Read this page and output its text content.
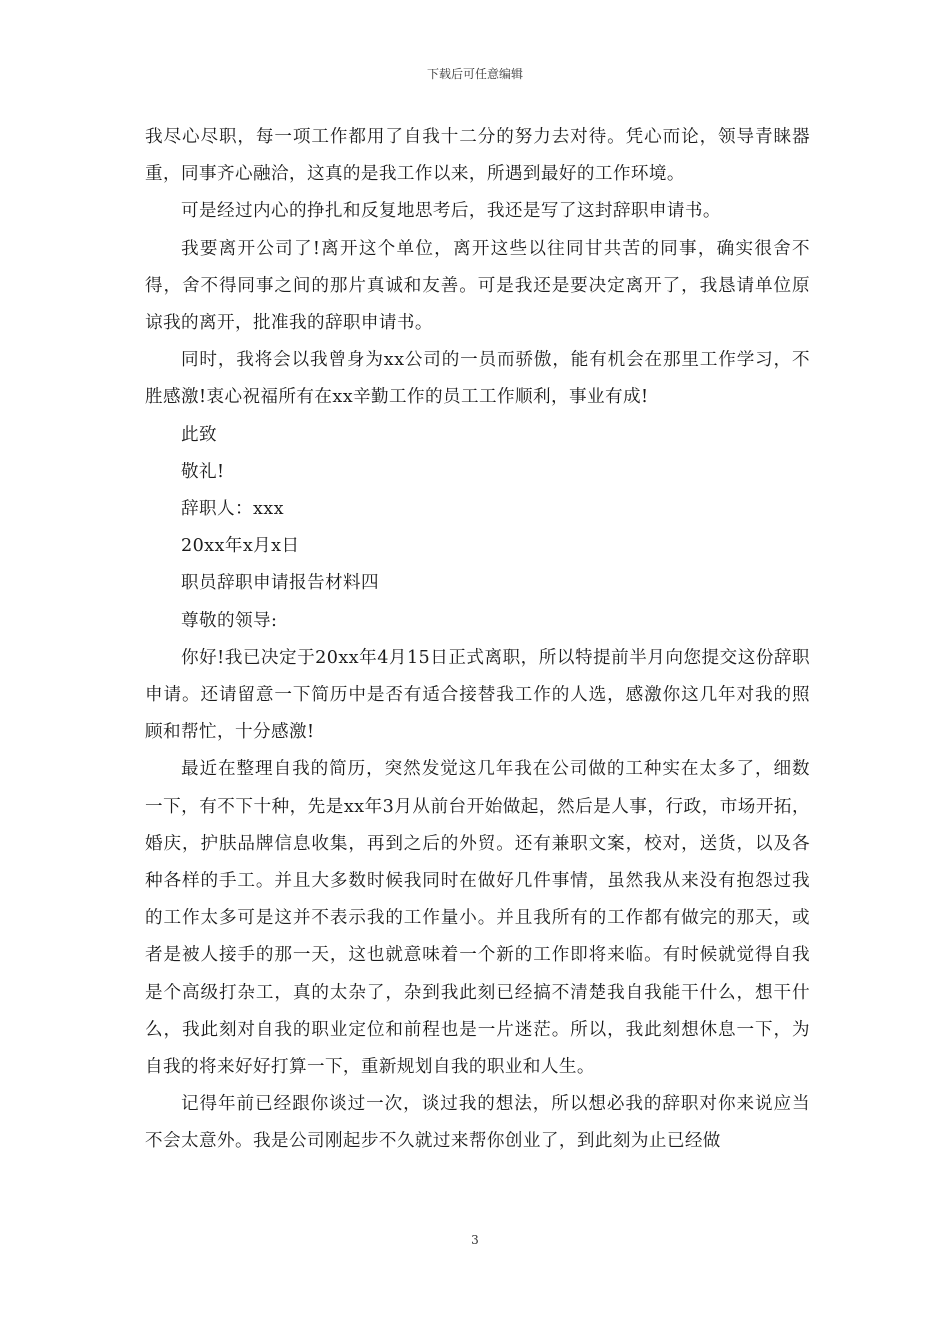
下载后可任意编辑

我尽心尽职，每一项工作都用了自我十二分的努力去对待。凭心而论，领导青睐器重，同事齐心融洽，这真的是我工作以来，所遇到最好的工作环境。

可是经过内心的挣扎和反复地思考后，我还是写了这封辞职申请书。

我要离开公司了!离开这个单位，离开这些以往同甘共苦的同事，确实很舍不得，舍不得同事之间的那片真诚和友善。可是我还是要决定离开了，我恳请单位原谅我的离开，批准我的辞职申请书。

同时，我将会以我曾身为xx公司的一员而骄傲，能有机会在那里工作学习，不胜感激!衷心祝福所有在xx辛勤工作的员工工作顺利，事业有成!

此致

敬礼!

辞职人：xxx

20xx年x月x日

职员辞职申请报告材料四

尊敬的领导:

你好!我已决定于20xx年4月15日正式离职，所以特提前半月向您提交这份辞职申请。还请留意一下简历中是否有适合接替我工作的人选，感激你这几年对我的照顾和帮忙，十分感激!

最近在整理自我的简历，突然发觉这几年我在公司做的工种实在太多了，细数一下，有不下十种，先是xx年3月从前台开始做起，然后是人事，行政，市场开拓，婚庆，护肤品牌信息收集，再到之后的外贸。还有兼职文案，校对，送货，以及各种各样的手工。并且大多数时候我同时在做好几件事情，虽然我从来没有抱怨过我的工作太多可是这并不表示我的工作量小。并且我所有的工作都有做完的那天，或者是被人接手的那一天，这也就意味着一个新的工作即将来临。有时候就觉得自我是个高级打杂工，真的太杂了，杂到我此刻已经搞不清楚我自我能干什么，想干什么，我此刻对自我的职业定位和前程也是一片迷茫。所以，我此刻想休息一下，为自我的将来好好打算一下，重新规划自我的职业和人生。

记得年前已经跟你谈过一次，谈过我的想法，所以想必我的辞职对你来说应当不会太意外。我是公司刚起步不久就过来帮你创业了，到此刻为止已经做

3
